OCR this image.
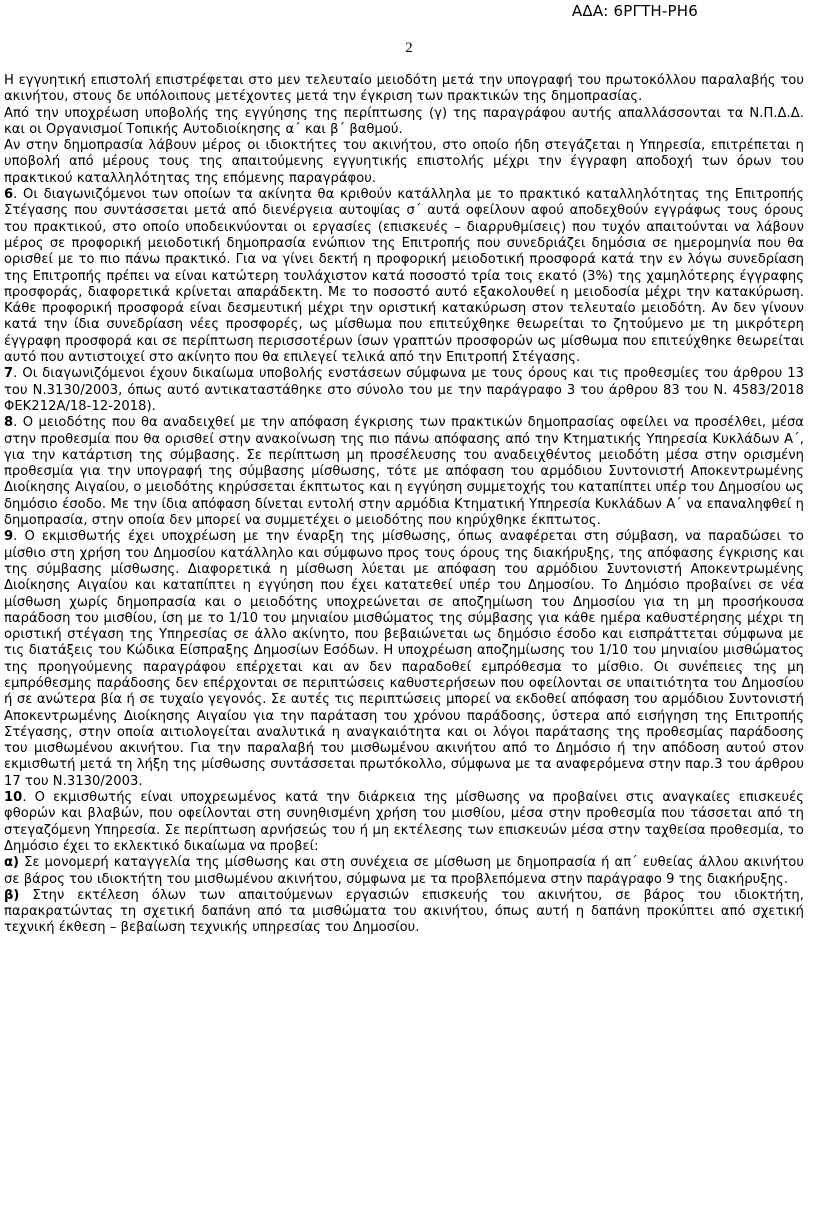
ΑΔΑ: 6ΡΓΤΗ-ΡΗ6
2

Η εγγυητική επιστολή επιστρέφεται στο μεν τελευταίο μειοδότη μετά την υπογραφή του πρωτοκόλλου παραλαβής του ακινήτου, στους δε υπόλοιπους μετέχοντες μετά την έγκριση των πρακτικών της δημοπρασίας.

Από την υποχρέωση υποβολής της εγγύησης της περίπτωσης (γ) της παραγράφου αυτής απαλλάσσονται τα Ν.Π.Δ.Δ. και οι Οργανισμοί Τοπικής Αυτοδιοίκησης α΄ και β΄ βαθμού.

Αν στην δημοπρασία λάβουν μέρος οι ιδιοκτήτες του ακινήτου, στο οποίο ήδη στεγάζεται η Υπηρεσία, επιτρέπεται η υποβολή από μέρους τους της απαιτούμενης εγγυητικής επιστολής μέχρι την έγγραφη αποδοχή των όρων του πρακτικού καταλληλότητας της επόμενης παραγράφου.

6. Οι διαγωνιζόμενοι των οποίων τα ακίνητα θα κριθούν κατάλληλα με το πρακτικό καταλληλότητας της Επιτροπής Στέγασης που συντάσσεται μετά από διενέργεια αυτοψίας σ΄ αυτά οφείλουν αφού αποδεχθούν εγγράφως τους όρους του πρακτικού, στο οποίο υποδεικνύονται οι εργασίες (επισκευές – διαρρυθμίσεις) που τυχόν απαιτούνται να λάβουν μέρος σε προφορική μειοδοτική δημοπρασία ενώπιον της Επιτροπής που συνεδριάζει δημόσια σε ημερομηνία που θα ορισθεί με το πιο πάνω πρακτικό. Για να γίνει δεκτή η προφορική μειοδοτική προσφορά κατά την εν λόγω συνεδρίαση της Επιτροπής πρέπει να είναι κατώτερη τουλάχιστον κατά ποσοστό τρία τοις εκατό (3%) της χαμηλότερης έγγραφης προσφοράς, διαφορετικά κρίνεται απαράδεκτη. Με το ποσοστό αυτό εξακολουθεί η μειοδοσία μέχρι την κατακύρωση. Κάθε προφορική προσφορά είναι δεσμευτική μέχρι την οριστική κατακύρωση στον τελευταίο μειοδότη. Αν δεν γίνουν κατά την ίδια συνεδρίαση νέες προσφορές, ως μίσθωμα που επιτεύχθηκε θεωρείται το ζητούμενο με τη μικρότερη έγγραφη προσφορά και σε περίπτωση περισσοτέρων ίσων γραπτών προσφορών ως μίσθωμα που επιτεύχθηκε θεωρείται αυτό που αντιστοιχεί στο ακίνητο που θα επιλεγεί τελικά από την Επιτροπή Στέγασης.

7. Οι διαγωνιζόμενοι έχουν δικαίωμα υποβολής ενστάσεων σύμφωνα με τους όρους και τις προθεσμίες του άρθρου 13 του Ν.3130/2003, όπως αυτό αντικαταστάθηκε στο σύνολο του με την παράγραφο 3 του άρθρου 83 του Ν. 4583/2018 ΦΕΚ212Α/18-12-2018).

8. Ο μειοδότης που θα αναδειχθεί με την απόφαση έγκρισης των πρακτικών δημοπρασίας οφείλει να προσέλθει, μέσα στην προθεσμία που θα ορισθεί στην ανακοίνωση της πιο πάνω απόφασης από την Κτηματικής Υπηρεσία Κυκλάδων Α΄, για την κατάρτιση της σύμβασης. Σε περίπτωση μη προσέλευσης του αναδειχθέντος μειοδότη μέσα στην ορισμένη προθεσμία για την υπογραφή της σύμβασης μίσθωσης, τότε με απόφαση του αρμόδιου Συντονιστή Αποκεντρωμένης Διοίκησης Αιγαίου, ο μειοδότης κηρύσσεται έκπτωτος και η εγγύηση συμμετοχής του καταπίπτει υπέρ του Δημοσίου ως δημόσιο έσοδο. Με την ίδια απόφαση δίνεται εντολή στην αρμόδια Κτηματική Υπηρεσία Κυκλάδων Α΄ να επαναληφθεί η δημοπρασία, στην οποία δεν μπορεί να συμμετέχει ο μειοδότης που κηρύχθηκε έκπτωτος.

9. Ο εκμισθωτής έχει υποχρέωση με την έναρξη της μίσθωσης, όπως αναφέρεται στη σύμβαση, να παραδώσει το μίσθιο στη χρήση του Δημοσίου κατάλληλο και σύμφωνο προς τους όρους της διακήρυξης, της απόφασης έγκρισης και της σύμβασης μίσθωσης. Διαφορετικά η μίσθωση λύεται με απόφαση του αρμόδιου Συντονιστή Αποκεντρωμένης Διοίκησης Αιγαίου και καταπίπτει η εγγύηση που έχει κατατεθεί υπέρ του Δημοσίου. Το Δημόσιο προβαίνει σε νέα μίσθωση χωρίς δημοπρασία και ο μειοδότης υποχρεώνεται σε αποζημίωση του Δημοσίου για τη μη προσήκουσα παράδοση του μισθίου, ίση με το 1/10 του μηνιαίου μισθώματος της σύμβασης για κάθε ημέρα καθυστέρησης μέχρι τη οριστική στέγαση της Υπηρεσίας σε άλλο ακίνητο, που βεβαιώνεται ως δημόσιο έσοδο και εισπράττεται σύμφωνα με τις διατάξεις του Κώδικα Είσπραξης Δημοσίων Εσόδων. Η υποχρέωση αποζημίωσης του 1/10 του μηνιαίου μισθώματος της προηγούμενης παραγράφου επέρχεται και αν δεν παραδοθεί εμπρόθεσμα το μίσθιο. Οι συνέπειες της μη εμπρόθεσμης παράδοσης δεν επέρχονται σε περιπτώσεις καθυστερήσεων που οφείλονται σε υπαιτιότητα του Δημοσίου ή σε ανώτερα βία ή σε τυχαίο γεγονός. Σε αυτές τις περιπτώσεις μπορεί να εκδοθεί απόφαση του αρμόδιου Συντονιστή Αποκεντρωμένης Διοίκησης Αιγαίου για την παράταση του χρόνου παράδοσης, ύστερα από εισήγηση της Επιτροπής Στέγασης, στην οποία αιτιολογείται αναλυτικά η αναγκαιότητα και οι λόγοι παράτασης της προθεσμίας παράδοσης του μισθωμένου ακινήτου. Για την παραλαβή του μισθωμένου ακινήτου από το Δημόσιο ή την απόδοση αυτού στον εκμισθωτή μετά τη λήξη της μίσθωσης συντάσσεται πρωτόκολλο, σύμφωνα με τα αναφερόμενα στην παρ.3 του άρθρου 17 του Ν.3130/2003.

10. Ο εκμισθωτής είναι υποχρεωμένος κατά την διάρκεια της μίσθωσης να προβαίνει στις αναγκαίες επισκευές φθορών και βλαβών, που οφείλονται στη συνηθισμένη χρήση του μισθίου, μέσα στην προθεσμία που τάσσεται από τη στεγαζόμενη Υπηρεσία. Σε περίπτωση αρνήσεώς του ή μη εκτέλεσης των επισκευών μέσα στην ταχθείσα προθεσμία, το Δημόσιο έχει το εκλεκτικό δικαίωμα να προβεί:

α) Σε μονομερή καταγγελία της μίσθωσης και στη συνέχεια σε μίσθωση με δημοπρασία ή απ΄ ευθείας άλλου ακινήτου σε βάρος του ιδιοκτήτη του μισθωμένου ακινήτου, σύμφωνα με τα προβλεπόμενα στην παράγραφο 9 της διακήρυξης.

β) Στην εκτέλεση όλων των απαιτούμενων εργασιών επισκευής του ακινήτου, σε βάρος του ιδιοκτήτη, παρακρατώντας τη σχετική δαπάνη από τα μισθώματα του ακινήτου, όπως αυτή η δαπάνη προκύπτει από σχετική τεχνική έκθεση – βεβαίωση τεχνικής υπηρεσίας του Δημοσίου.
